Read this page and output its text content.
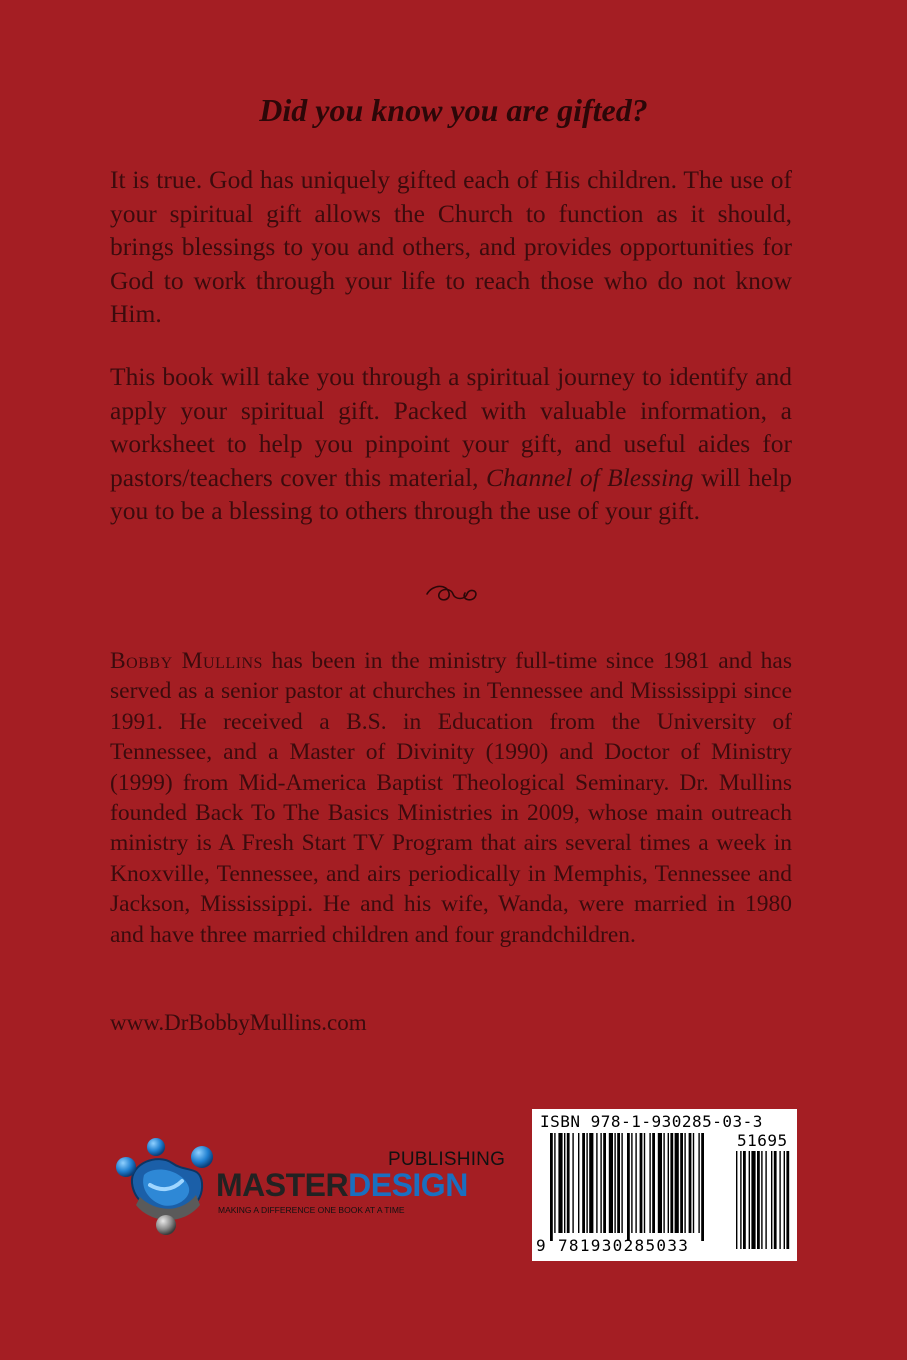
Did you know you are gifted?

It is true. God has uniquely gifted each of His children. The use of your spiritual gift allows the Church to function as it should, brings blessings to you and others, and provides opportunities for God to work through your life to reach those who do not know Him.

This book will take you through a spiritual journey to identify and apply your spiritual gift. Packed with valuable information, a worksheet to help you pinpoint your gift, and useful aides for pastors/teachers cover this material, Channel of Blessing will help you to be a blessing to others through the use of your gift.

Bobby Mullins has been in the ministry full-time since 1981 and has served as a senior pastor at churches in Tennessee and Mississippi since 1991. He received a B.S. in Education from the University of Tennessee, and a Master of Divinity (1990) and Doctor of Ministry (1999) from Mid-America Baptist Theological Seminary. Dr. Mullins founded Back To The Basics Ministries in 2009, whose main outreach ministry is A Fresh Start TV Program that airs several times a week in Knoxville, Tennessee, and airs periodically in Memphis, Tennessee and Jackson, Mississippi. He and his wife, Wanda, were married in 1980 and have three married children and four grandchildren.

www.DrBobbyMullins.com
PUBLISHING
MASTERDESIGN
MAKING A DIFFERENCE ONE BOOK AT A TIME
ISBN 978-1-930285-03-3
51695
9 781930285033
